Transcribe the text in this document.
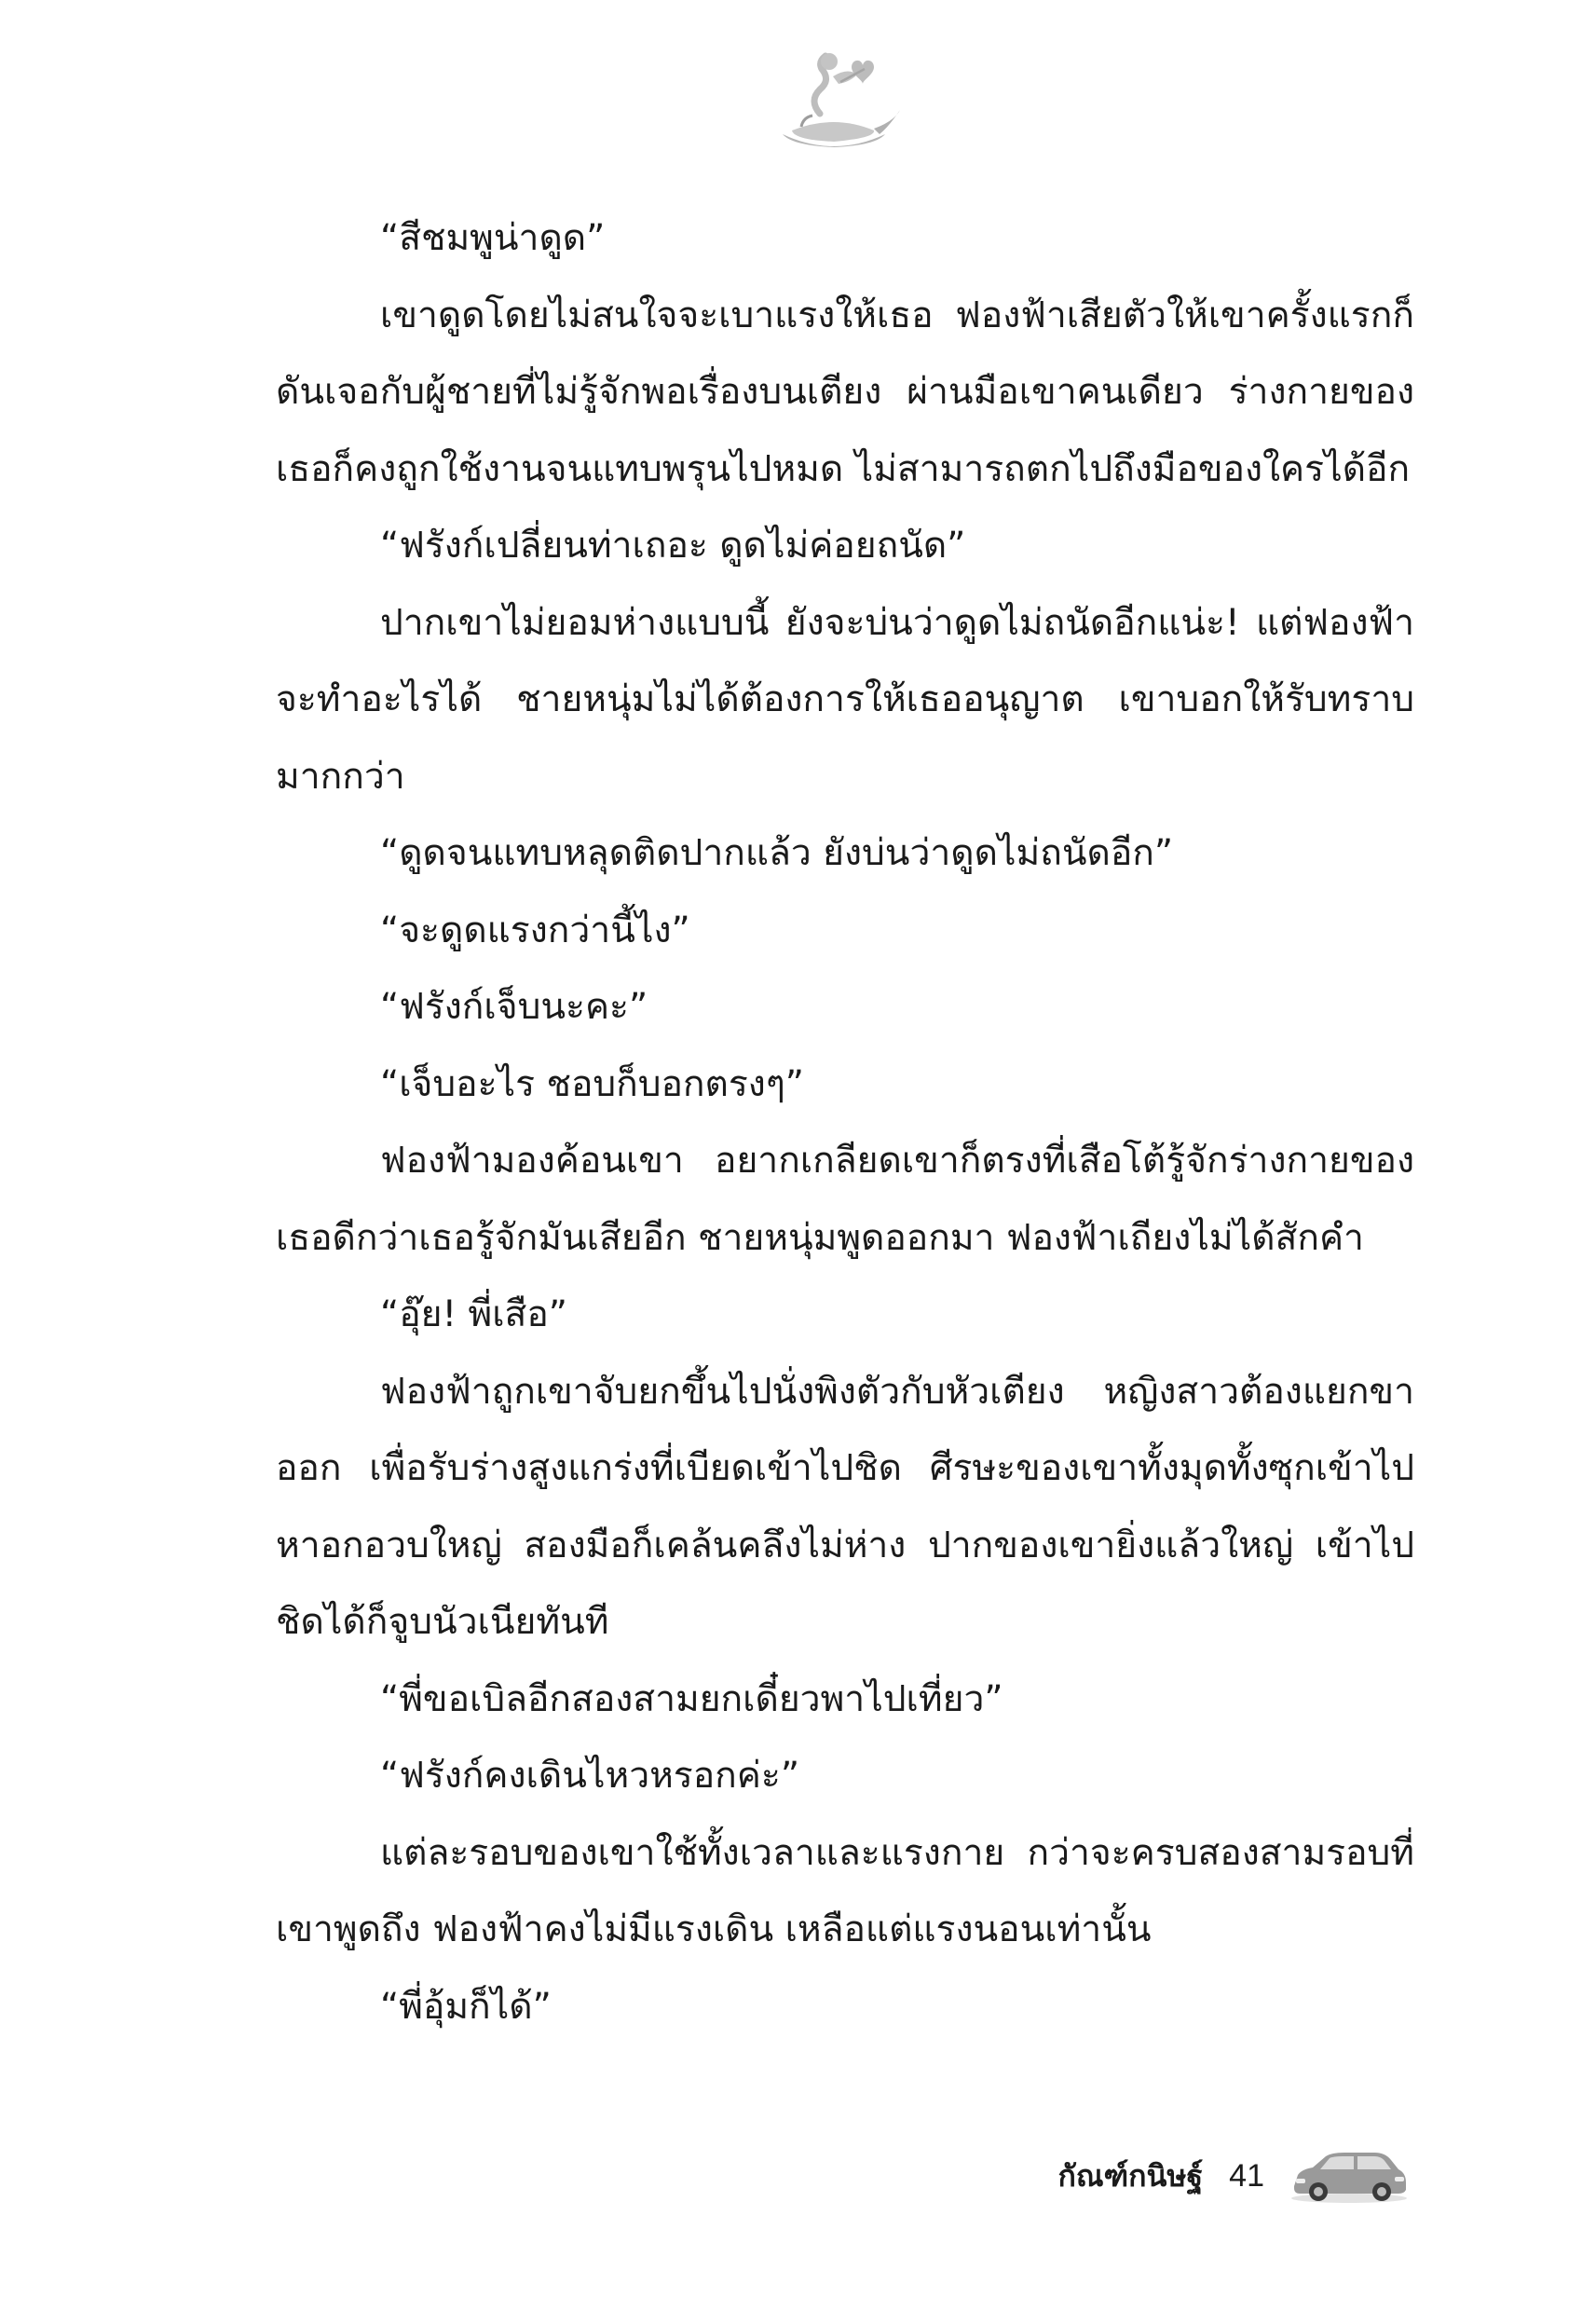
“สีชมพูน่าดูด”

เขาดูดโดยไม่สนใจจะเบาแรงให้เธอ ฟองฟ้าเสียตัวให้เขาครั้งแรกก็ดันเจอกับผู้ชายที่ไม่รู้จักพอเรื่องบนเตียง ผ่านมือเขาคนเดียว ร่างกายของเธอก็คงถูกใช้งานจนแทบพรุนไปหมด ไม่สามารถตกไปถึงมือของใครได้อีก

“ฟรังก์เปลี่ยนท่าเถอะ ดูดไม่ค่อยถนัด”

ปากเขาไม่ยอมห่างแบบนี้ ยังจะบ่นว่าดูดไม่ถนัดอีกแน่ะ! แต่ฟองฟ้าจะทำอะไรได้ ชายหนุ่มไม่ได้ต้องการให้เธออนุญาต เขาบอกให้รับทราบมากกว่า

“ดูดจนแทบหลุดติดปากแล้ว ยังบ่นว่าดูดไม่ถนัดอีก”

“จะดูดแรงกว่านี้ไง”

“ฟรังก์เจ็บนะคะ”

“เจ็บอะไร ชอบก็บอกตรงๆ”

ฟองฟ้ามองค้อนเขา อยากเกลียดเขาก็ตรงที่เสือโต้รู้จักร่างกายของเธอดีกว่าเธอรู้จักมันเสียอีก ชายหนุ่มพูดออกมา ฟองฟ้าเถียงไม่ได้สักคำ

“อุ๊ย! พี่เสือ”

ฟองฟ้าถูกเขาจับยกขึ้นไปนั่งพิงตัวกับหัวเตียง หญิงสาวต้องแยกขาออก เพื่อรับร่างสูงแกร่งที่เบียดเข้าไปชิด ศีรษะของเขาทั้งมุดทั้งซุกเข้าไปหาอกอวบใหญ่ สองมือก็เคล้นคลึงไม่ห่าง ปากของเขายิ่งแล้วใหญ่ เข้าไปชิดได้ก็จูบนัวเนียทันที

“พี่ขอเบิลอีกสองสามยกเดี๋ยวพาไปเที่ยว”

“ฟรังก์คงเดินไหวหรอกค่ะ”

แต่ละรอบของเขาใช้ทั้งเวลาและแรงกาย กว่าจะครบสองสามรอบที่เขาพูดถึง ฟองฟ้าคงไม่มีแรงเดิน เหลือแต่แรงนอนเท่านั้น

“พี่อุ้มก็ได้”

กัณฑ์กนิษฐ์ 41
